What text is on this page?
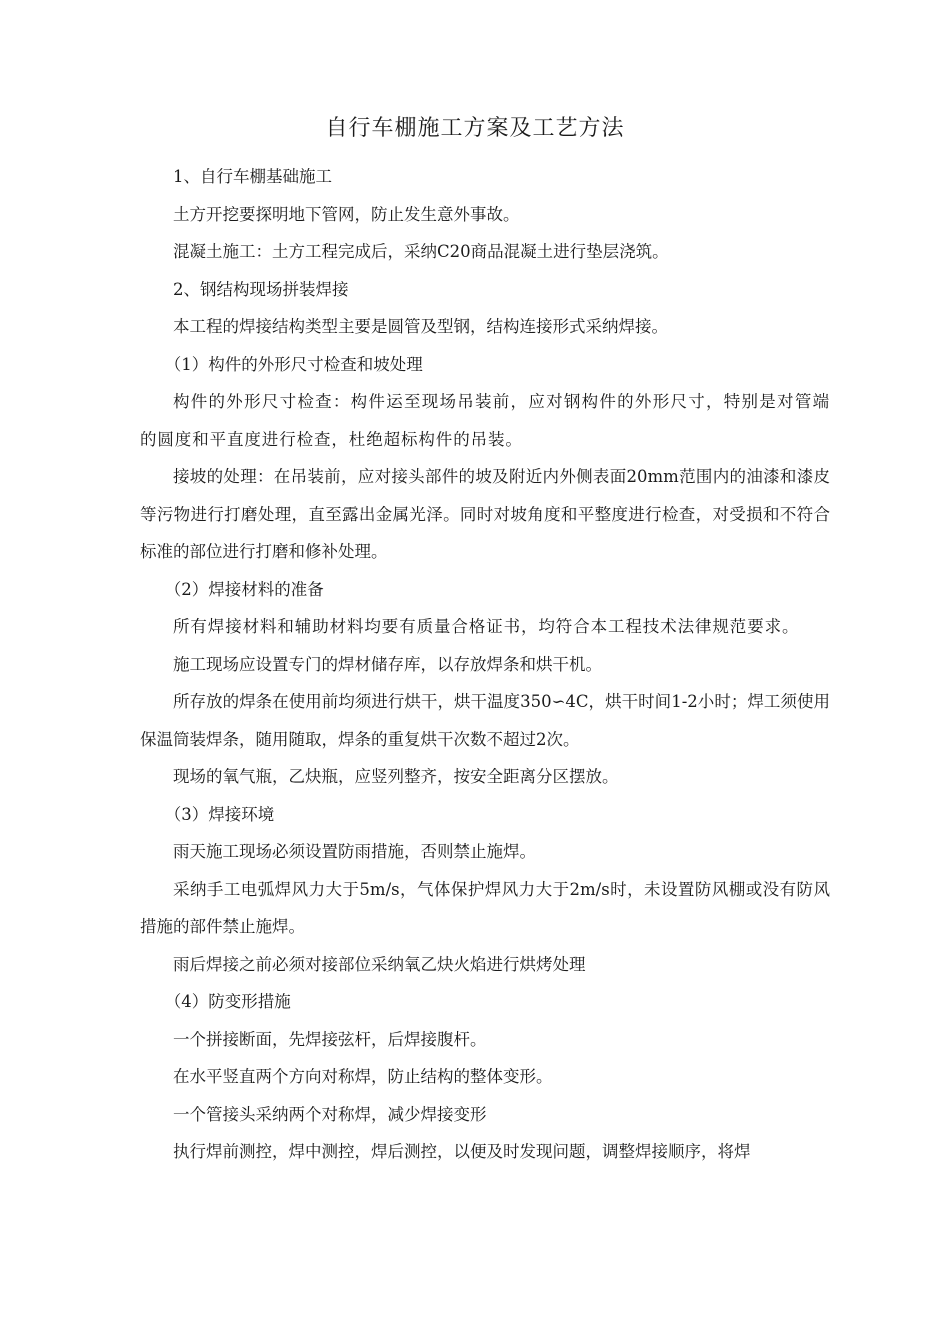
自行车棚施工方案及工艺方法

1、自行车棚基础施工

土方开挖要探明地下管网，防止发生意外事故。

混凝土施工：土方工程完成后，采纳C20商品混凝土进行垫层浇筑。

2、钢结构现场拼装焊接

本工程的焊接结构类型主要是圆管及型钢，结构连接形式采纳焊接。

（1）构件的外形尺寸检查和坡处理

构件的外形尺寸检查：构件运至现场吊装前，应对钢构件的外形尺寸，特别是对管端的圆度和平直度进行检查，杜绝超标构件的吊装。

接坡的处理：在吊装前，应对接头部件的坡及附近内外侧表面20mm范围内的油漆和漆皮等污物进行打磨处理，直至露出金属光泽。同时对坡角度和平整度进行检查，对受损和不符合标准的部位进行打磨和修补处理。

（2）焊接材料的准备

所有焊接材料和辅助材料均要有质量合格证书，均符合本工程技术法律规范要求。

施工现场应设置专门的焊材储存库，以存放焊条和烘干机。

所存放的焊条在使用前均须进行烘干，烘干温度350∽4C，烘干时间1-2小时；焊工须使用保温筒装焊条，随用随取，焊条的重复烘干次数不超过2次。

现场的氧气瓶，乙炔瓶，应竖列整齐，按安全距离分区摆放。

（3）焊接环境

雨天施工现场必须设置防雨措施，否则禁止施焊。

采纳手工电弧焊风力大于5m/s，气体保护焊风力大于2m/s时，未设置防风棚或没有防风措施的部件禁止施焊。

雨后焊接之前必须对接部位采纳氧乙炔火焰进行烘烤处理

（4）防变形措施

一个拼接断面，先焊接弦杆，后焊接腹杆。

在水平竖直两个方向对称焊，防止结构的整体变形。

一个管接头采纳两个对称焊，减少焊接变形

执行焊前测控，焊中测控，焊后测控，以便及时发现问题，调整焊接顺序，将焊
